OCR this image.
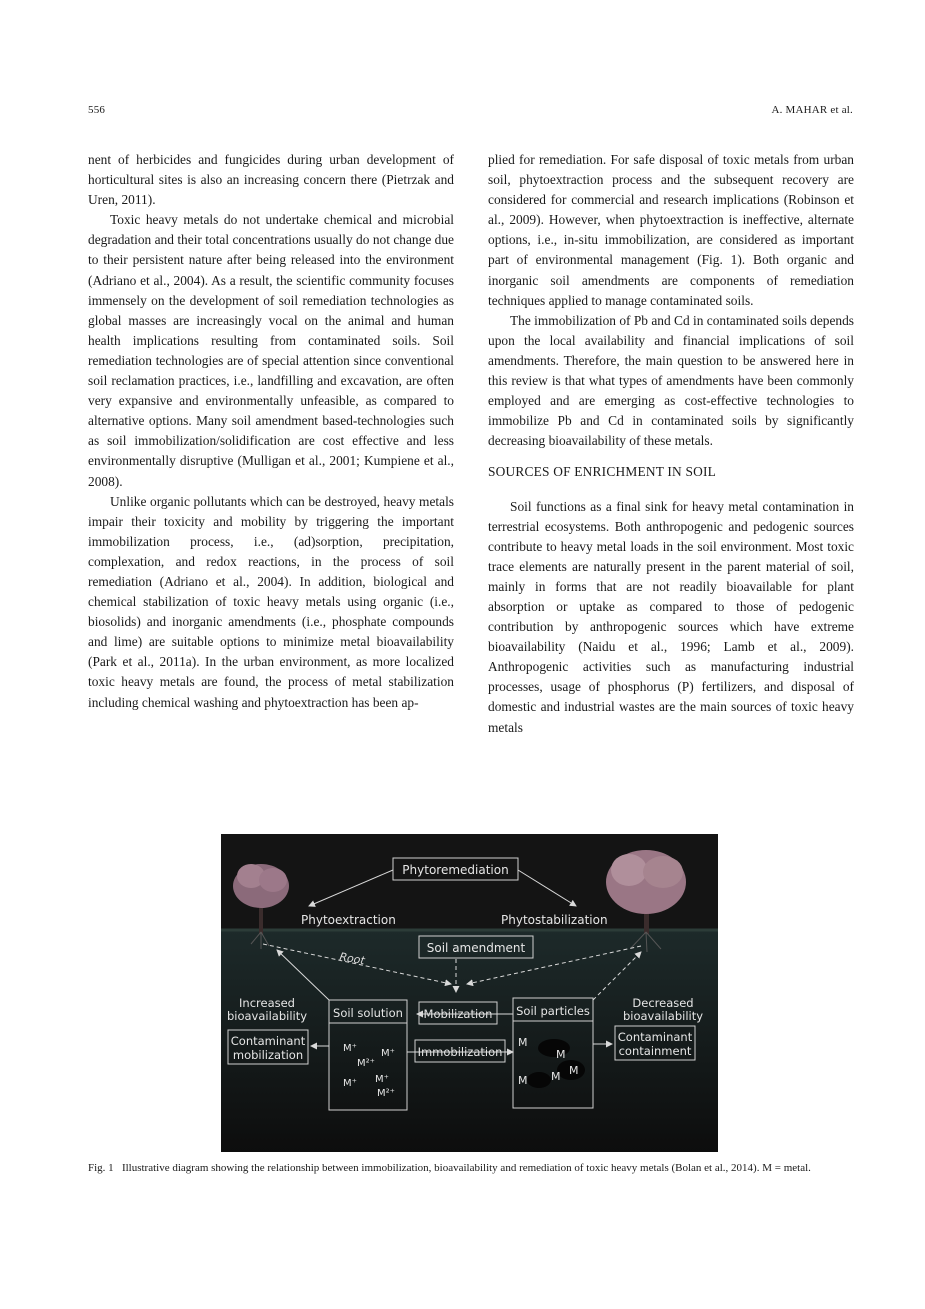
556	A. MAHAR et al.

nent of herbicides and fungicides during urban development of horticultural sites is also an increasing concern there (Pietrzak and Uren, 2011).

Toxic heavy metals do not undertake chemical and microbial degradation and their total concentrations usually do not change due to their persistent nature after being released into the environment (Adriano et al., 2004). As a result, the scientific community focuses immensely on the development of soil remediation technologies as global masses are increasingly vocal on the animal and human health implications resulting from contaminated soils. Soil remediation technologies are of special attention since conventional soil reclamation practices, i.e., landfilling and excavation, are often very expansive and environmentally unfeasible, as compared to alternative options. Many soil amendment based-technologies such as soil immobilization/solidification are cost effective and less environmentally disruptive (Mulligan et al., 2001; Kumpiene et al., 2008).

Unlike organic pollutants which can be destroyed, heavy metals impair their toxicity and mobility by triggering the important immobilization process, i.e., (ad)sorption, precipitation, complexation, and redox reactions, in the process of soil remediation (Adriano et al., 2004). In addition, biological and chemical stabilization of toxic heavy metals using organic (i.e., biosolids) and inorganic amendments (i.e., phosphate compounds and lime) are suitable options to minimize metal bioavailability (Park et al., 2011a). In the urban environment, as more localized toxic heavy metals are found, the process of metal stabilization including chemical washing and phytoextraction has been ap-

plied for remediation. For safe disposal of toxic metals from urban soil, phytoextraction process and the subsequent recovery are considered for commercial and research implications (Robinson et al., 2009). However, when phytoextraction is ineffective, alternate options, i.e., in-situ immobilization, are considered as important part of environmental management (Fig. 1). Both organic and inorganic soil amendments are components of remediation techniques applied to manage contaminated soils.

The immobilization of Pb and Cd in contaminated soils depends upon the local availability and financial implications of soil amendments. Therefore, the main question to be answered here in this review is that what types of amendments have been commonly employed and are emerging as cost-effective technologies to immobilize Pb and Cd in contaminated soils by significantly decreasing bioavailability of these metals.

SOURCES OF ENRICHMENT IN SOIL

Soil functions as a final sink for heavy metal contamination in terrestrial ecosystems. Both anthropogenic and pedogenic sources contribute to heavy metal loads in the soil environment. Most toxic trace elements are naturally present in the parent material of soil, mainly in forms that are not readily bioavailable for plant absorption or uptake as compared to those of pedogenic contribution by anthropogenic sources which have extreme bioavailability (Naidu et al., 1996; Lamb et al., 2009). Anthropogenic activities such as manufacturing industrial processes, usage of phosphorus (P) fertilizers, and disposal of domestic and industrial wastes are the main sources of toxic heavy metals

Phytoremediation
Phytoextraction	Phytostabilization
Soil amendment
Root
Soil solution
M⁺ M⁺
M²⁺
M⁺ M⁺
M²⁺
Mobilization
Immobilization
Soil particles
M
M
M M M
Increased
bioavailability
Contaminant
mobilization
Decreased
bioavailability
Contaminant
containment
Fig. 1 Illustrative diagram showing the relationship between immobilization, bioavailability and remediation of toxic heavy metals (Bolan et al., 2014). M = metal.
